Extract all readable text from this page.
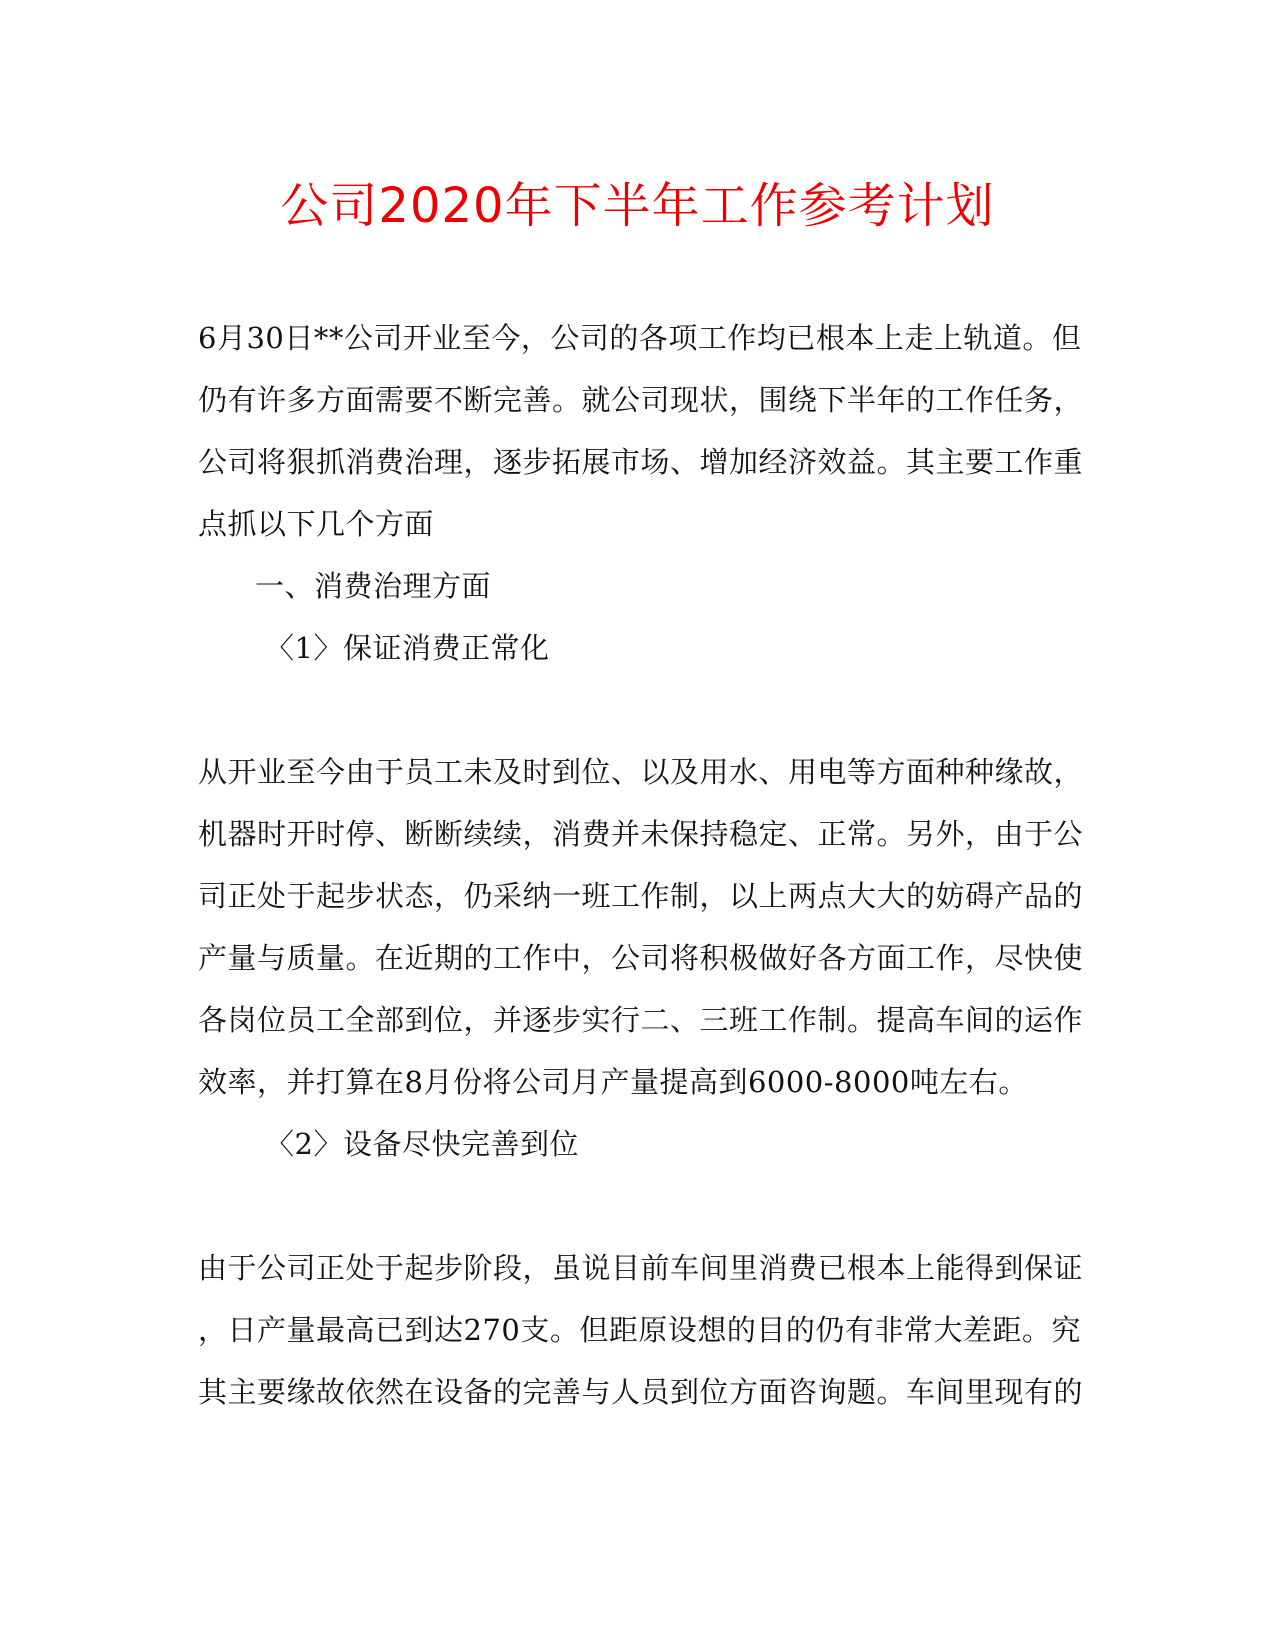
公司2020年下半年工作参考计划
6月30日**公司开业至今，公司的各项工作均已根本上走上轨道。但
仍有许多方面需要不断完善。就公司现状，围绕下半年的工作任务，
公司将狠抓消费治理，逐步拓展市场、增加经济效益。其主要工作重
点抓以下几个方面
一、消费治理方面
〈1〉保证消费正常化
从开业至今由于员工未及时到位、以及用水、用电等方面种种缘故，
机器时开时停、断断续续，消费并未保持稳定、正常。另外，由于公
司正处于起步状态，仍采纳一班工作制，以上两点大大的妨碍产品的
产量与质量。在近期的工作中，公司将积极做好各方面工作，尽快使
各岗位员工全部到位，并逐步实行二、三班工作制。提高车间的运作
效率，并打算在8月份将公司月产量提高到6000-8000吨左右。
〈2〉设备尽快完善到位
由于公司正处于起步阶段，虽说目前车间里消费已根本上能得到保证
，日产量最高已到达270支。但距原设想的目的仍有非常大差距。究
其主要缘故依然在设备的完善与人员到位方面咨询题。车间里现有的
